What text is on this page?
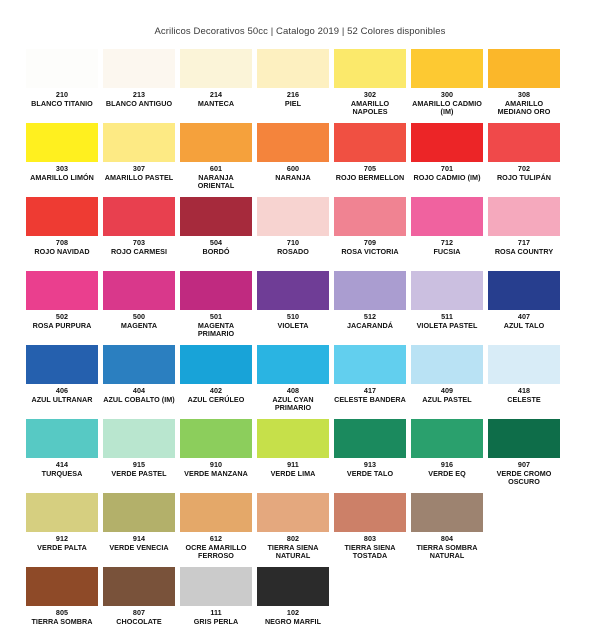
Acrilicos Decorativos 50cc | Catalogo 2019 | 52 Colores disponibles
210
BLANCO TITANIO
213
BLANCO ANTIGUO
214
MANTECA
216
PIEL
302
AMARILLO NAPOLES
300
AMARILLO CADMIO (IM)
308
AMARILLO MEDIANO ORO
303
AMARILLO LIMÓN
307
AMARILLO PASTEL
601
NARANJA ORIENTAL
600
NARANJA
705
ROJO BERMELLON
701
ROJO CADMIO (IM)
702
ROJO TULIPÁN
708
ROJO NAVIDAD
703
ROJO CARMESI
504
BORDÓ
710
ROSADO
709
ROSA VICTORIA
712
FUCSIA
717
ROSA COUNTRY
502
ROSA PURPURA
500
MAGENTA
501
MAGENTA PRIMARIO
510
VIOLETA
512
JACARANDÁ
511
VIOLETA PASTEL
407
AZUL TALO
406
AZUL ULTRANAR
404
AZUL COBALTO (IM)
402
AZUL CERÚLEO
408
AZUL CYAN PRIMARIO
417
CELESTE BANDERA
409
AZUL PASTEL
418
CELESTE
414
TURQUESA
915
VERDE PASTEL
910
VERDE MANZANA
911
VERDE LIMA
913
VERDE TALO
916
VERDE EQ
907
VERDE CROMO OSCURO
912
VERDE PALTA
914
VERDE VENECIA
612
OCRE AMARILLO FERROSO
802
TIERRA SIENA NATURAL
803
TIERRA SIENA TOSTADA
804
TIERRA SOMBRA NATURAL
805
TIERRA SOMBRA
807
CHOCOLATE
111
GRIS PERLA
102
NEGRO MARFIL
